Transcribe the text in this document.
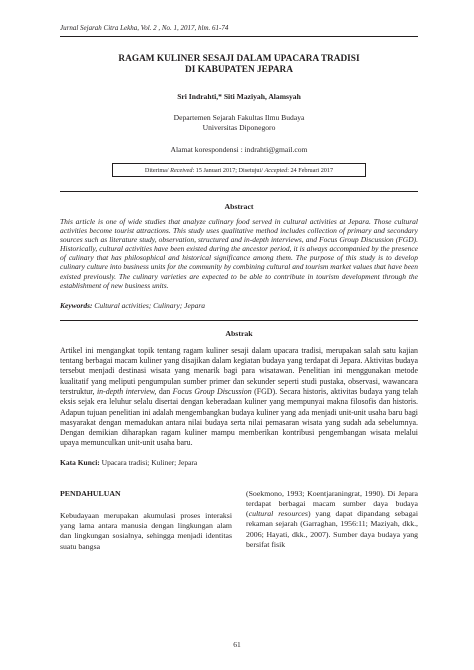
Jurnal Sejarah Citra Lekha, Vol. 2 , No. 1, 2017, hlm. 61-74
RAGAM KULINER SESAJI DALAM UPACARA TRADISI
DI KABUPATEN JEPARA
Sri Indrahti,* Siti Maziyah, Alamsyah
Departemen Sejarah Fakultas Ilmu Budaya
Universitas Diponegoro
Alamat korespondensi : indrahti@gmail.com
Diterima/ Received: 15 Januari 2017; Disetujui/ Accepted: 24 Februari 2017
Abstract
This article is one of wide studies that analyze culinary food served in cultural activities at Jepara. Those cultural activities become tourist attractions. This study uses qualitative method includes collection of primary and secondary sources such as literature study, observation, structured and in-depth interviews, and Focus Group Discussion (FGD). Historically, cultural activities have been existed during the ancestor period, it is always accompanied by the presence of culinary that has philosophical and historical significance among them. The purpose of this study is to develop culinary culture into business units for the community by combining cultural and tourism market values that have been existed previously. The culinary varieties are expected to be able to contribute in tourism development through the establishment of new business units.
Keywords: Cultural activities; Culinary; Jepara
Abstrak
Artikel ini mengangkat topik tentang ragam kuliner sesaji dalam upacara tradisi, merupakan salah satu kajian tentang berbagai macam kuliner yang disajikan dalam kegiatan budaya yang terdapat di Jepara. Aktivitas budaya tersebut menjadi destinasi wisata yang menarik bagi para wisatawan. Penelitian ini menggunakan metode kualitatif yang meliputi pengumpulan sumber primer dan sekunder seperti studi pustaka, observasi, wawancara terstruktur, in-depth interview, dan Focus Group Discussion (FGD). Secara historis, aktivitas budaya yang telah eksis sejak era leluhur selalu disertai dengan keberadaan kuliner yang mempunyai makna filosofis dan historis. Adapun tujuan penelitian ini adalah mengembangkan budaya kuliner yang ada menjadi unit-unit usaha baru bagi masyarakat dengan memadukan antara nilai budaya serta nilai pemasaran wisata yang sudah ada sebelumnya. Dengan demikian diharapkan ragam kuliner mampu memberikan kontribusi pengembangan wisata melalui upaya memunculkan unit-unit usaha baru.
Kata Kunci: Upacara tradisi; Kuliner; Jepara
PENDAHULUAN
Kebudayaan merupakan akumulasi proses interaksi yang lama antara manusia dengan lingkungan alam dan lingkungan sosialnya, sehingga menjadi identitas suatu bangsa

(Soekmono, 1993; Koentjaraningrat, 1990). Di Jepara terdapat berbagai macam sumber daya budaya (cultural resources) yang dapat dipandang sebagai rekaman sejarah (Garraghan, 1956:11; Maziyah, dkk., 2006; Hayati, dkk., 2007). Sumber daya budaya yang bersifat fisik

61
